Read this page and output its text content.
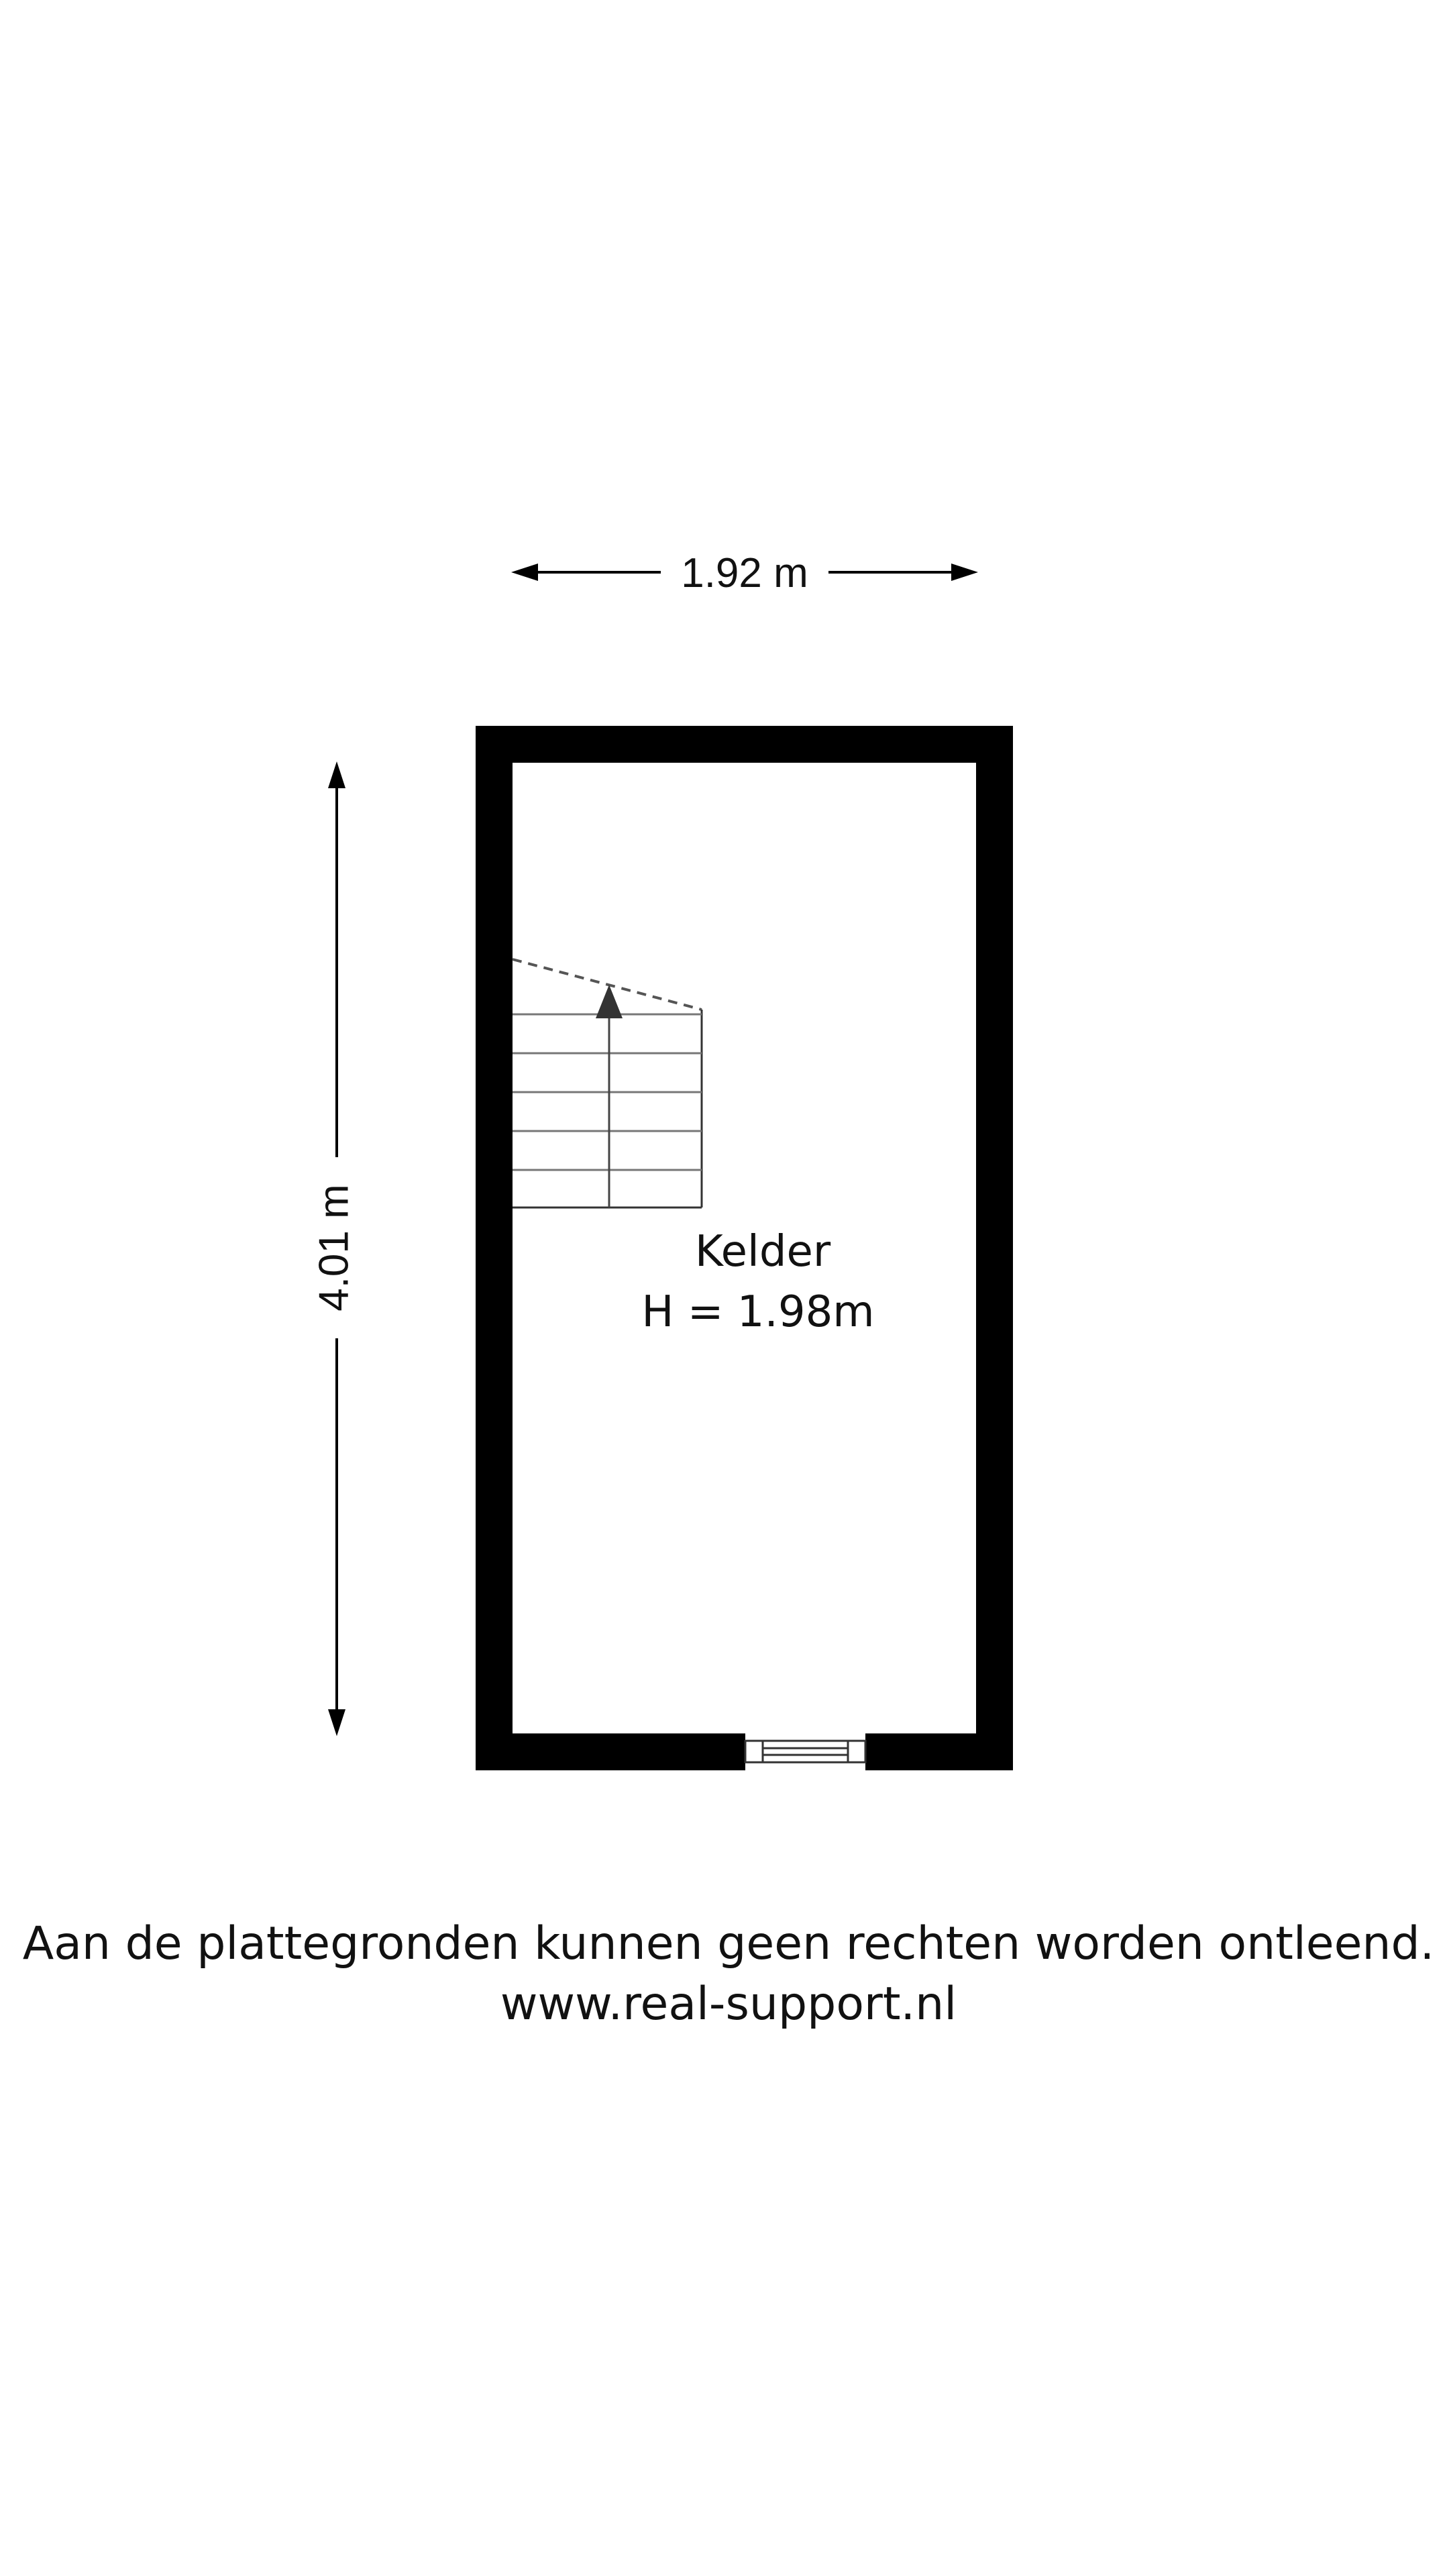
1.92 m
4.01 m	Kelder
H = 1.98m
Aan de plattegronden kunnen geen rechten worden ontleend.
www.real-support.nl
